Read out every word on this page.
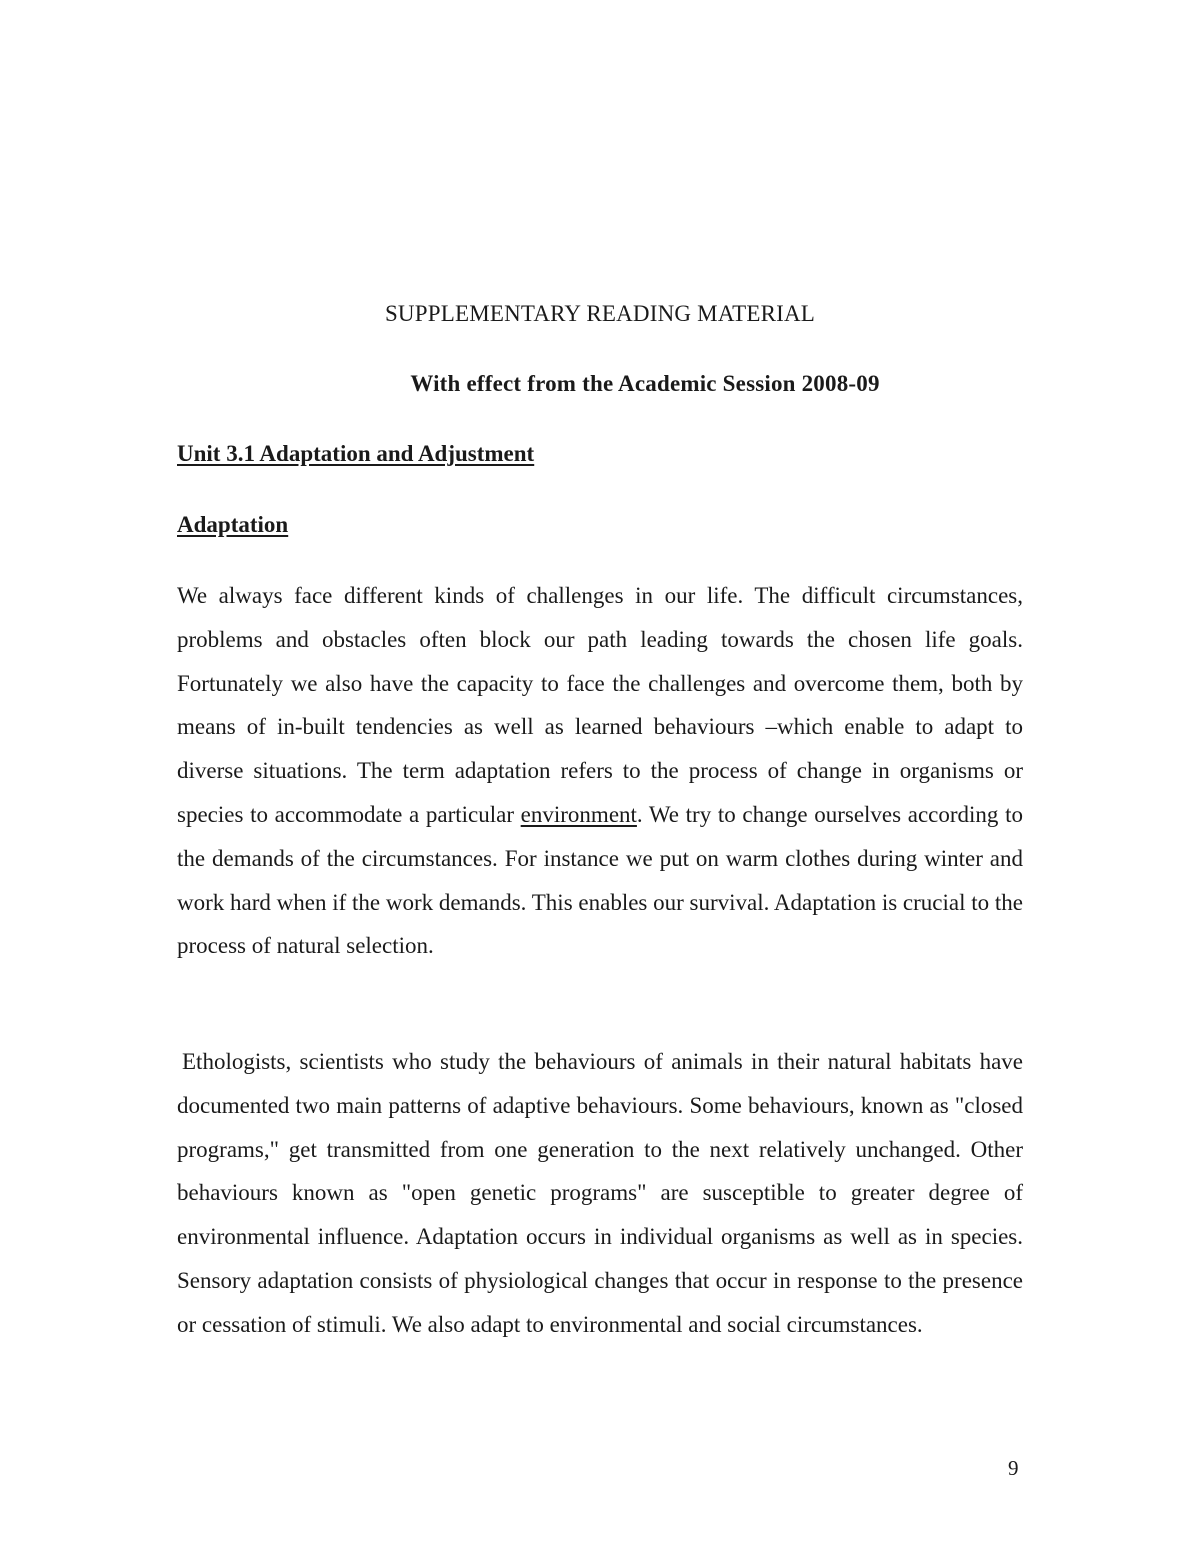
SUPPLEMENTARY READING MATERIAL
With effect from the Academic Session 2008-09
Unit 3.1 Adaptation and Adjustment
Adaptation

We always face different kinds of challenges in our life. The difficult circumstances, problems and obstacles often block our path leading towards the chosen life goals. Fortunately we also have the capacity to face the challenges and overcome them, both by means of in-built tendencies as well as learned behaviours –which enable to adapt to diverse situations. The term adaptation refers to the process of change in organisms or species to accommodate a particular environment. We try to change ourselves according to the demands of the circumstances. For instance we put on warm clothes during winter and work hard when if the work demands. This enables our survival. Adaptation is crucial to the process of natural selection.

Ethologists, scientists who study the behaviours of animals in their natural habitats have documented two main patterns of adaptive behaviours. Some behaviours, known as "closed programs," get transmitted from one generation to the next relatively unchanged. Other behaviours known as "open genetic programs" are susceptible to greater degree of environmental influence. Adaptation occurs in individual organisms as well as in species. Sensory adaptation consists of physiological changes that occur in response to the presence or cessation of stimuli. We also adapt to environmental and social circumstances.

9
